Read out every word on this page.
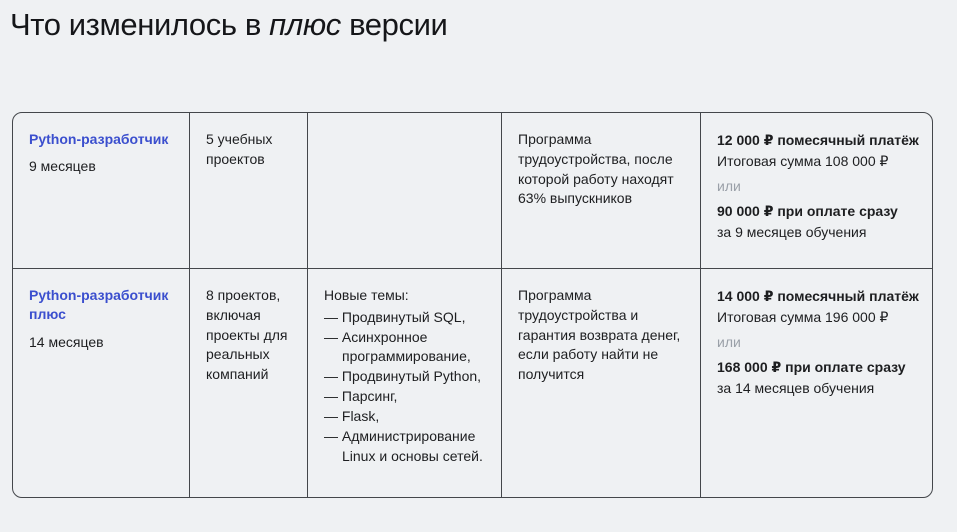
Что изменилось в плюс версии
Python-разработчик
9 месяцев
5 учебных проектов
Программа трудоустройства, после которой работу находят 63% выпускников
12 000 ₽ помесячный платёж
Итоговая сумма 108 000 ₽
или
90 000 ₽ при оплате сразу
за 9 месяцев обучения
Python-разработчик плюс
14 месяцев
8 проектов, включая проекты для реальных компаний
Новые темы:
— Продвинутый SQL,
— Асинхронное программирование,
— Продвинутый Python,
— Парсинг,
— Flask,
— Администрирование Linux и основы сетей.
Программа трудоустройства и гарантия возврата денег, если работу найти не получится
14 000 ₽ помесячный платёж
Итоговая сумма 196 000 ₽
или
168 000 ₽ при оплате сразу
за 14 месяцев обучения
